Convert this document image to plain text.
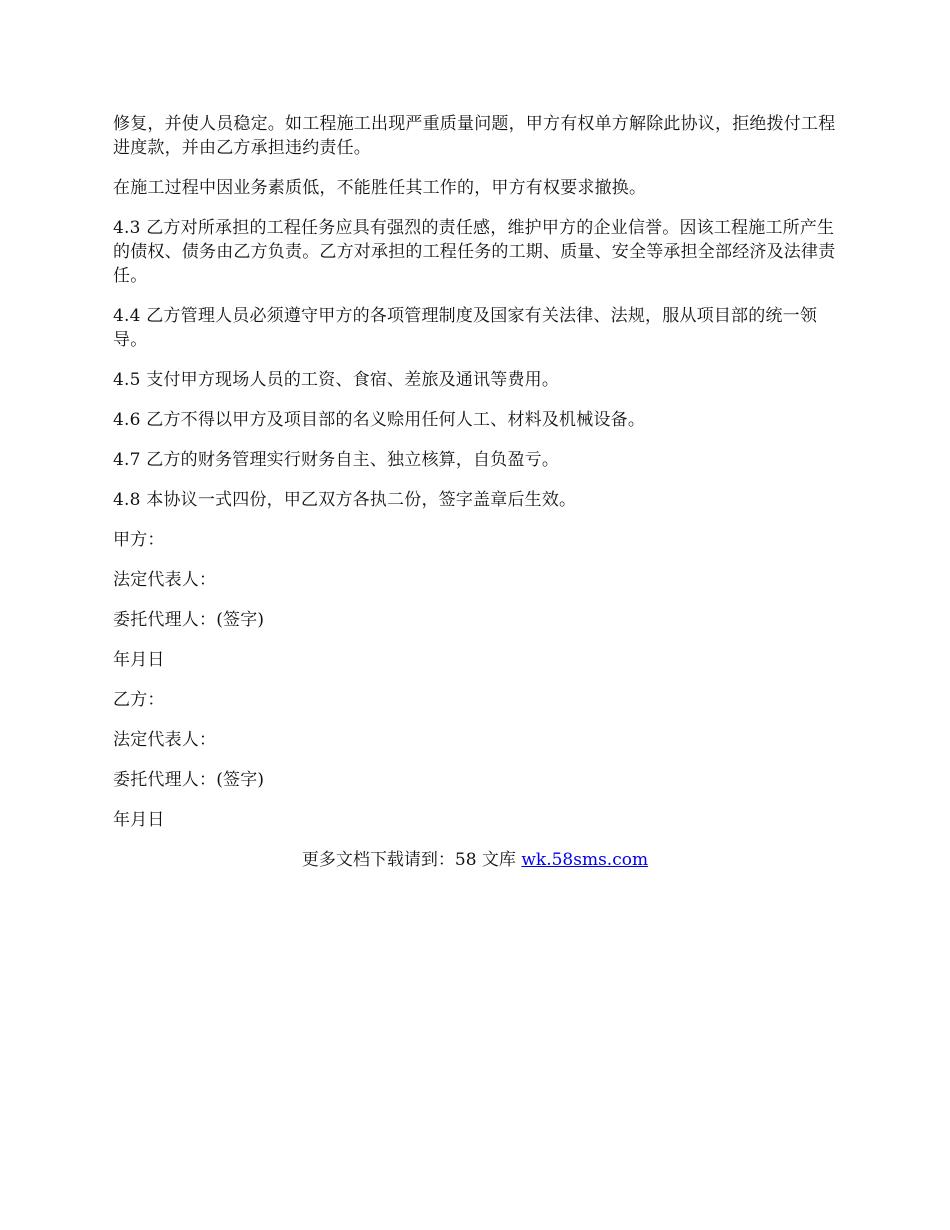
修复，并使人员稳定。如工程施工出现严重质量问题，甲方有权单方解除此协议，拒绝拨付工程进度款，并由乙方承担违约责任。

在施工过程中因业务素质低，不能胜任其工作的，甲方有权要求撤换。

4.3 乙方对所承担的工程任务应具有强烈的责任感，维护甲方的企业信誉。因该工程施工所产生的债权、债务由乙方负责。乙方对承担的工程任务的工期、质量、安全等承担全部经济及法律责任。

4.4 乙方管理人员必须遵守甲方的各项管理制度及国家有关法律、法规，服从项目部的统一领导。

4.5 支付甲方现场人员的工资、食宿、差旅及通讯等费用。

4.6 乙方不得以甲方及项目部的名义赊用任何人工、材料及机械设备。

4.7 乙方的财务管理实行财务自主、独立核算，自负盈亏。

4.8 本协议一式四份，甲乙双方各执二份，签字盖章后生效。

甲方：

法定代表人：

委托代理人：(签字)

年月日

乙方：

法定代表人：

委托代理人：(签字)

年月日

更多文档下载请到：58 文库 wk.58sms.com
